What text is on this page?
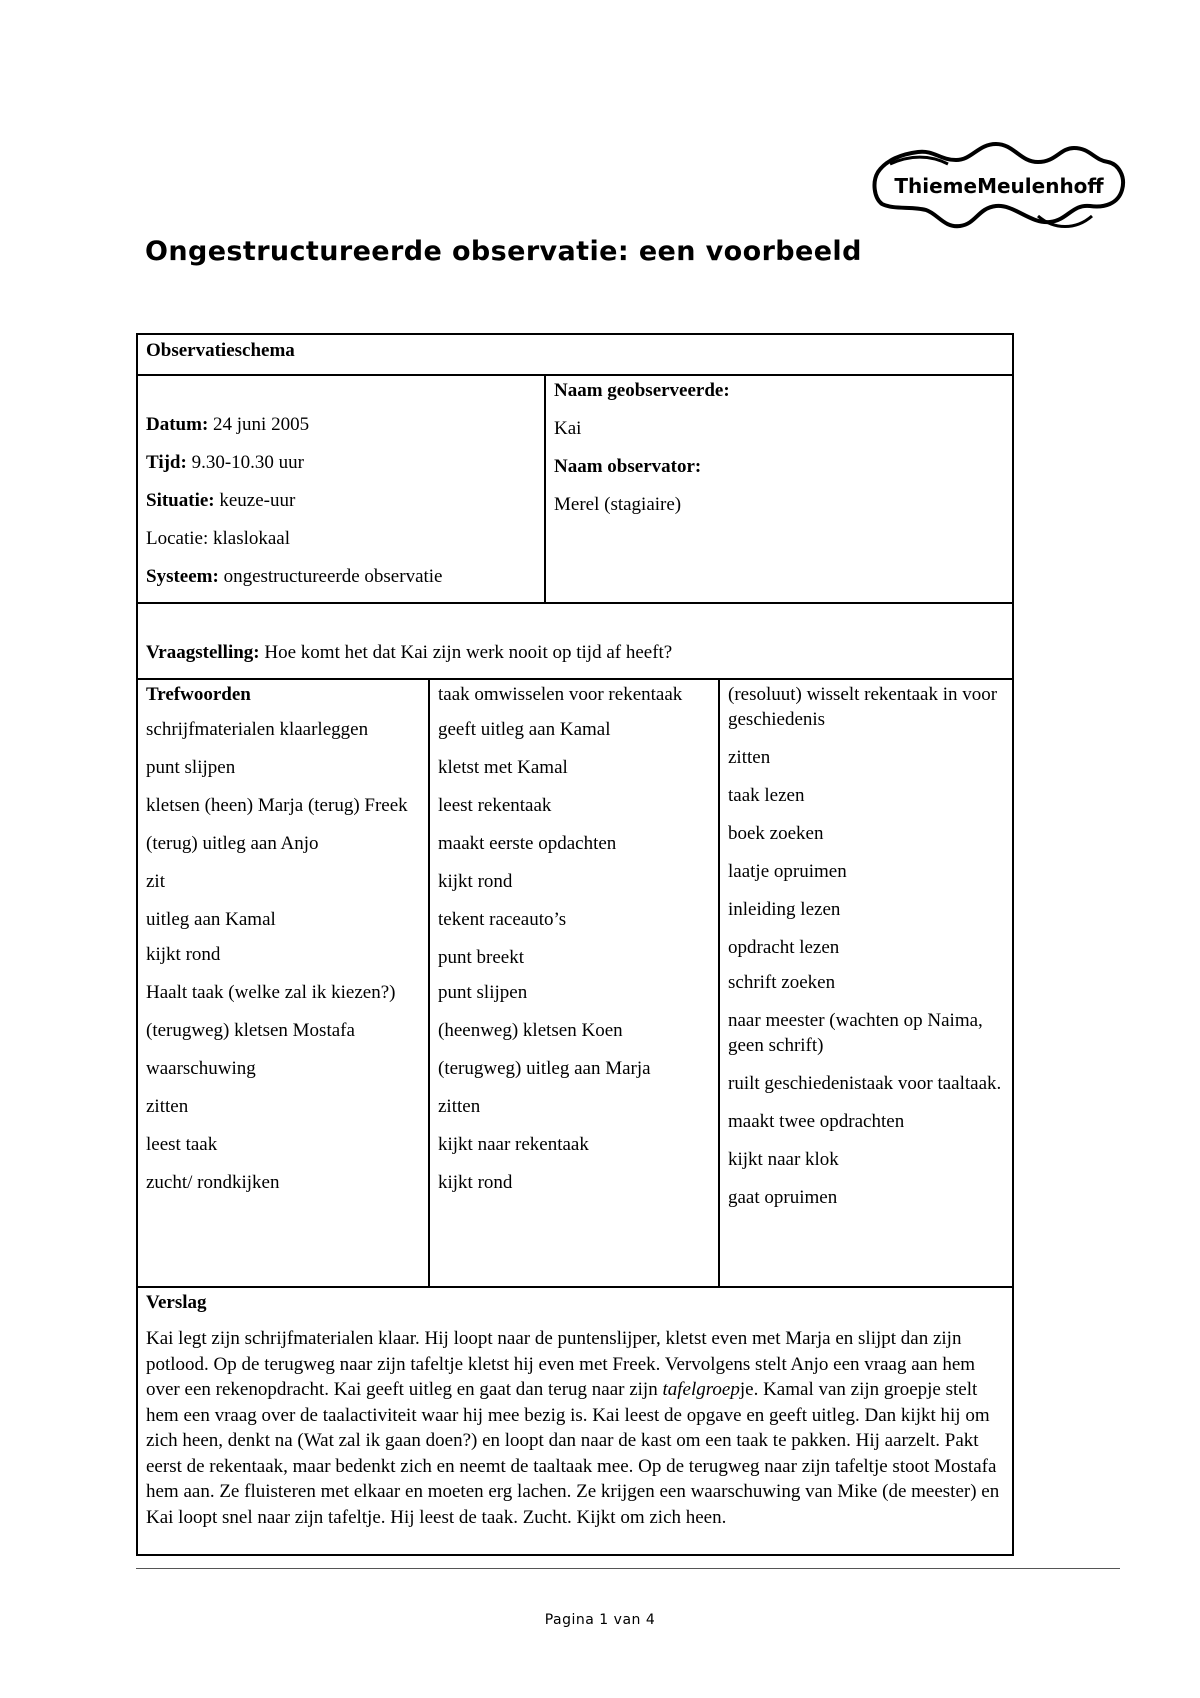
ThiemeMeulenhoff
Ongestructureerde observatie: een voorbeeld
Observatieschema
Datum: 24 juni 2005
Tijd: 9.30-10.30 uur
Situatie: keuze-uur
Locatie: klaslokaal
Systeem: ongestructureerde observatie
Naam geobserveerde:
Kai
Naam observator:
Merel (stagiaire)
Vraagstelling: Hoe komt het dat Kai zijn werk nooit op tijd af heeft?
Trefwoorden
schrijfmaterialen klaarleggen
punt slijpen
kletsen (heen) Marja (terug) Freek
(terug) uitleg aan Anjo
zit
uitleg aan Kamal
kijkt rond
Haalt taak (welke zal ik kiezen?)
(terugweg) kletsen Mostafa
waarschuwing
zitten
leest taak
zucht/ rondkijken
taak omwisselen voor rekentaak
geeft uitleg aan Kamal
kletst met Kamal
leest rekentaak
maakt eerste opdachten
kijkt rond
tekent raceauto’s
punt breekt
punt slijpen
(heenweg) kletsen Koen
(terugweg) uitleg aan Marja
zitten
kijkt naar rekentaak
kijkt rond
(resoluut) wisselt rekentaak in voor geschiedenis
zitten
taak lezen
boek zoeken
laatje opruimen
inleiding lezen
opdracht lezen
schrift zoeken
naar meester (wachten op Naima, geen schrift)
ruilt geschiedenistaak voor taaltaak.
maakt twee opdrachten
kijkt naar klok
gaat opruimen
Verslag

Kai legt zijn schrijfmaterialen klaar. Hij loopt naar de puntenslijper, kletst even met Marja en slijpt dan zijn potlood. Op de terugweg naar zijn tafeltje kletst hij even met Freek. Vervolgens stelt Anjo een vraag aan hem over een rekenopdracht. Kai geeft uitleg en gaat dan terug naar zijn tafelgroepje. Kamal van zijn groepje stelt hem een vraag over de taalactiviteit waar hij mee bezig is. Kai leest de opgave en geeft uitleg. Dan kijkt hij om zich heen, denkt na (Wat zal ik gaan doen?) en loopt dan naar de kast om een taak te pakken. Hij aarzelt. Pakt eerst de rekentaak, maar bedenkt zich en neemt de taaltaak mee. Op de terugweg naar zijn tafeltje stoot Mostafa hem aan. Ze fluisteren met elkaar en moeten erg lachen. Ze krijgen een waarschuwing van Mike (de meester) en Kai loopt snel naar zijn tafeltje. Hij leest de taak. Zucht. Kijkt om zich heen.

Pagina 1 van 4
